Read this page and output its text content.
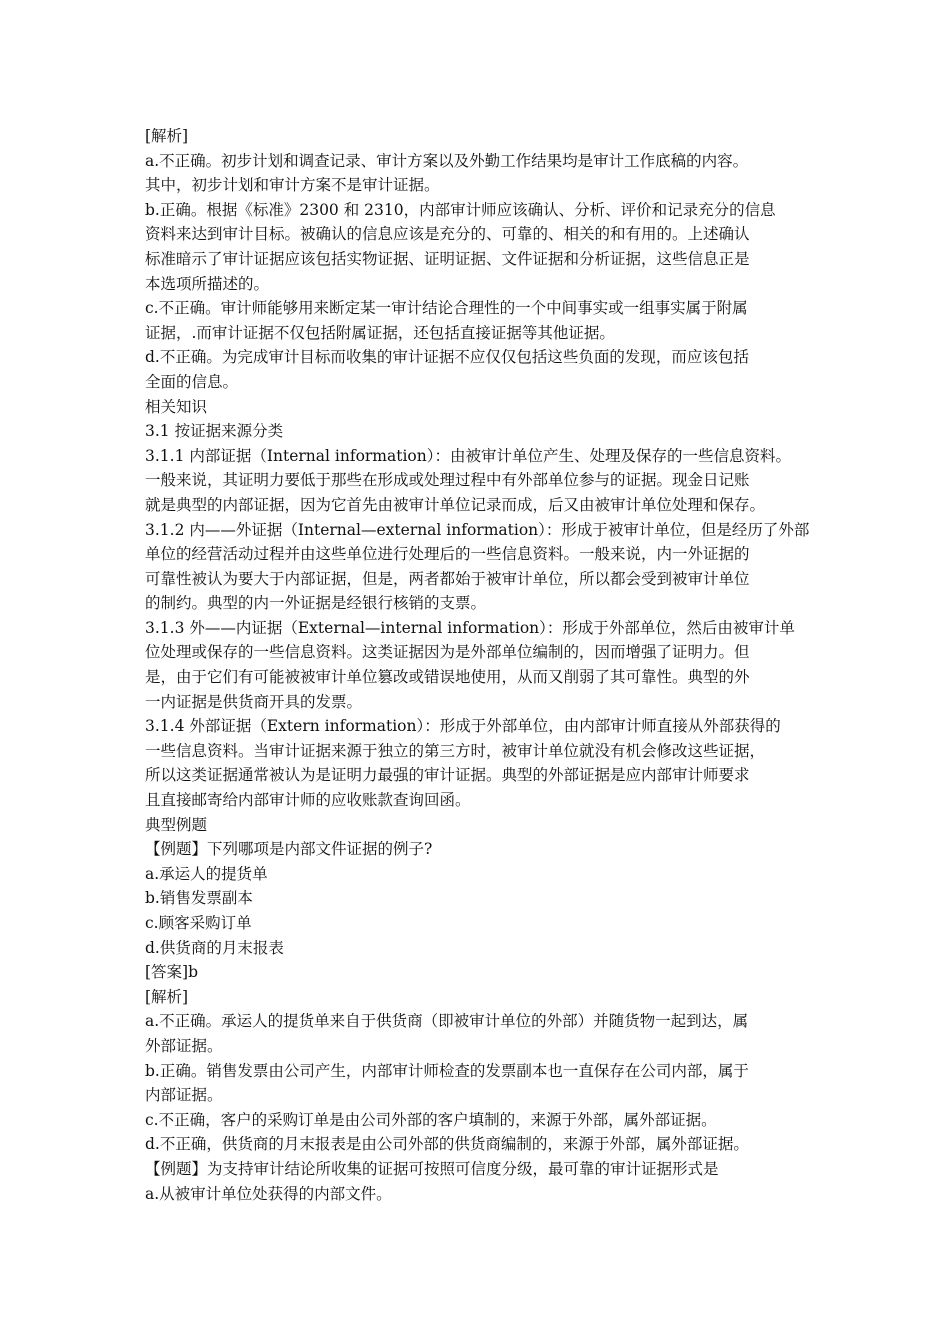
[解析]
a.不正确。初步计划和调查记录、审计方案以及外勤工作结果均是审计工作底稿的内容。
其中，初步计划和审计方案不是审计证据。
b.正确。根据《标准》2300 和 2310，内部审计师应该确认、分析、评价和记录充分的信息
资料来达到审计目标。被确认的信息应该是充分的、可靠的、相关的和有用的。上述确认
标准暗示了审计证据应该包括实物证据、证明证据、文件证据和分析证据，这些信息正是
本选项所描述的。
c.不正确。审计师能够用来断定某一审计结论合理性的一个中间事实或一组事实属于附属
证据，.而审计证据不仅包括附属证据，还包括直接证据等其他证据。
d.不正确。为完成审计目标而收集的审计证据不应仅仅包括这些负面的发现，而应该包括
全面的信息。
相关知识
3.1 按证据来源分类
3.1.1 内部证据（Internal information）：由被审计单位产生、处理及保存的一些信息资料。
一般来说，其证明力要低于那些在形成或处理过程中有外部单位参与的证据。现金日记账
就是典型的内部证据，因为它首先由被审计单位记录而成，后又由被审计单位处理和保存。
3.1.2 内——外证据（Internal—external information）：形成于被审计单位，但是经历了外部
单位的经营活动过程并由这些单位进行处理后的一些信息资料。一般来说，内一外证据的
可靠性被认为要大于内部证据，但是，两者都始于被审计单位，所以都会受到被审计单位
的制约。典型的内一外证据是经银行核销的支票。
3.1.3 外——内证据（External—internal information）：形成于外部单位，然后由被审计单
位处理或保存的一些信息资料。这类证据因为是外部单位编制的，因而增强了证明力。但
是，由于它们有可能被被审计单位篡改或错误地使用，从而又削弱了其可靠性。典型的外
一内证据是供货商开具的发票。
3.1.4 外部证据（Extern information）：形成于外部单位，由内部审计师直接从外部获得的
一些信息资料。当审计证据来源于独立的第三方时，被审计单位就没有机会修改这些证据，
所以这类证据通常被认为是证明力最强的审计证据。典型的外部证据是应内部审计师要求
且直接邮寄给内部审计师的应收账款查询回函。
典型例题
【例题】下列哪项是内部文件证据的例子?
a.承运人的提货单
b.销售发票副本
c.顾客采购订单
d.供货商的月末报表
[答案]b
[解析]
a.不正确。承运人的提货单来自于供货商（即被审计单位的外部）并随货物一起到达，属
外部证据。
b.正确。销售发票由公司产生，内部审计师检查的发票副本也一直保存在公司内部，属于
内部证据。
c.不正确，客户的采购订单是由公司外部的客户填制的，来源于外部，属外部证据。
d.不正确，供货商的月末报表是由公司外部的供货商编制的，来源于外部，属外部证据。
【例题】为支持审计结论所收集的证据可按照可信度分级，最可靠的审计证据形式是
a.从被审计单位处获得的内部文件。
